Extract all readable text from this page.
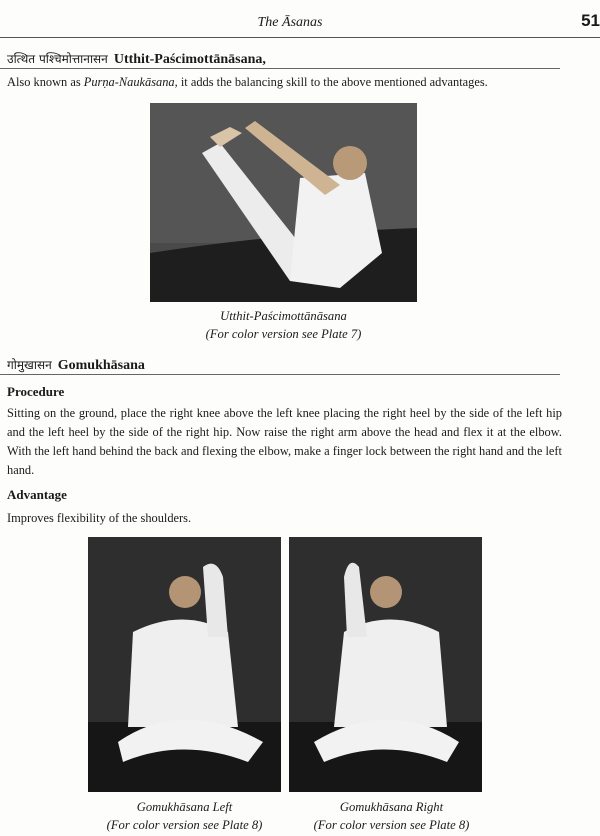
The Āsanas	51
उत्थित पश्चिमोत्तानासन Utthit-Paścimottānāsana,
Also known as Purṇa-Naukāsana, it adds the balancing skill to the above mentioned advantages.
Utthit-Paścimottānāsana
(For color version see Plate 7)
गोमुखासन Gomukhāsana
Procedure
Sitting on the ground, place the right knee above the left knee placing the right heel by the side of the left hip and the left heel by the side of the right hip. Now raise the right arm above the head and flex it at the elbow. With the left hand behind the back and flexing the elbow, make a finger lock between the right hand and the left hand.
Advantage
Improves flexibility of the shoulders.
Gomukhāsana Left
(For color version see Plate 8)
Gomukhāsana Right
(For color version see Plate 8)
